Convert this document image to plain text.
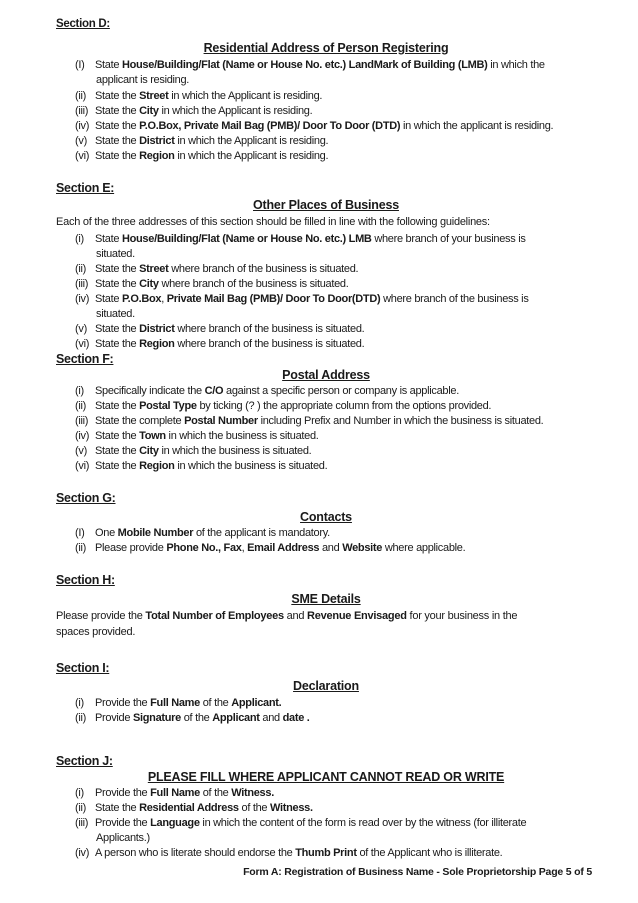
Section D:
Residential Address of Person Registering
(I)State House/Building/Flat (Name or House No. etc.) LandMark of Building (LMB) in which the
applicant is residing.
(ii)State the Street in which the Applicant is residing.
(iii)State the City in which the Applicant is residing.
(iv)State the P.O.Box, Private Mail Bag (PMB)/ Door To Door (DTD) in which the applicant is residing.
(v)State the District in which the Applicant is residing.
(vi)State the Region in which the Applicant is residing.
Section E:
Other Places of Business
Each of the three addresses of this section should be filled in line with the following guidelines:
(i)State House/Building/Flat (Name or House No. etc.) LMB where branch of your business is
situated.
(ii)State the Street where branch of the business is situated.
(iii)State the City where branch of the business is situated.
(iv)State P.O.Box, Private Mail Bag (PMB)/ Door To Door(DTD) where branch of the business is
situated.
(v)State the District where branch of the business is situated.
(vi)State the Region where branch of the business is situated.
Section F:
Postal Address
(i)Specifically indicate the C/O against a specific person or company is applicable.
(ii)State the Postal Type by ticking (? ) the appropriate column from the options provided.
(iii)State the complete Postal Number including Prefix and Number in which the business is situated.
(iv)State the Town in which the business is situated.
(v)State the City in which the business is situated.
(vi)State the Region in which the business is situated.
Section G:
Contacts
(I)One Mobile Number of the applicant is mandatory.
(ii)Please provide Phone No., Fax, Email Address and Website where applicable.
Section H:
SME Details
Please provide the Total Number of Employees and Revenue Envisaged for your business in the
spaces provided.
Section I:
Declaration
(i)Provide the Full Name of the Applicant.
(ii)Provide Signature of the Applicant and date .
Section J:
PLEASE FILL WHERE APPLICANT CANNOT READ OR WRITE
(i)Provide the Full Name of the Witness.
(ii)State the Residential Address of the Witness.
(iii)Provide the Language in which the content of the form is read over by the witness (for illiterate
Applicants.)
(iv)A person who is literate should endorse the Thumb Print of the Applicant who is illiterate.
Form A: Registration of Business Name - Sole Proprietorship Page 5 of 5
